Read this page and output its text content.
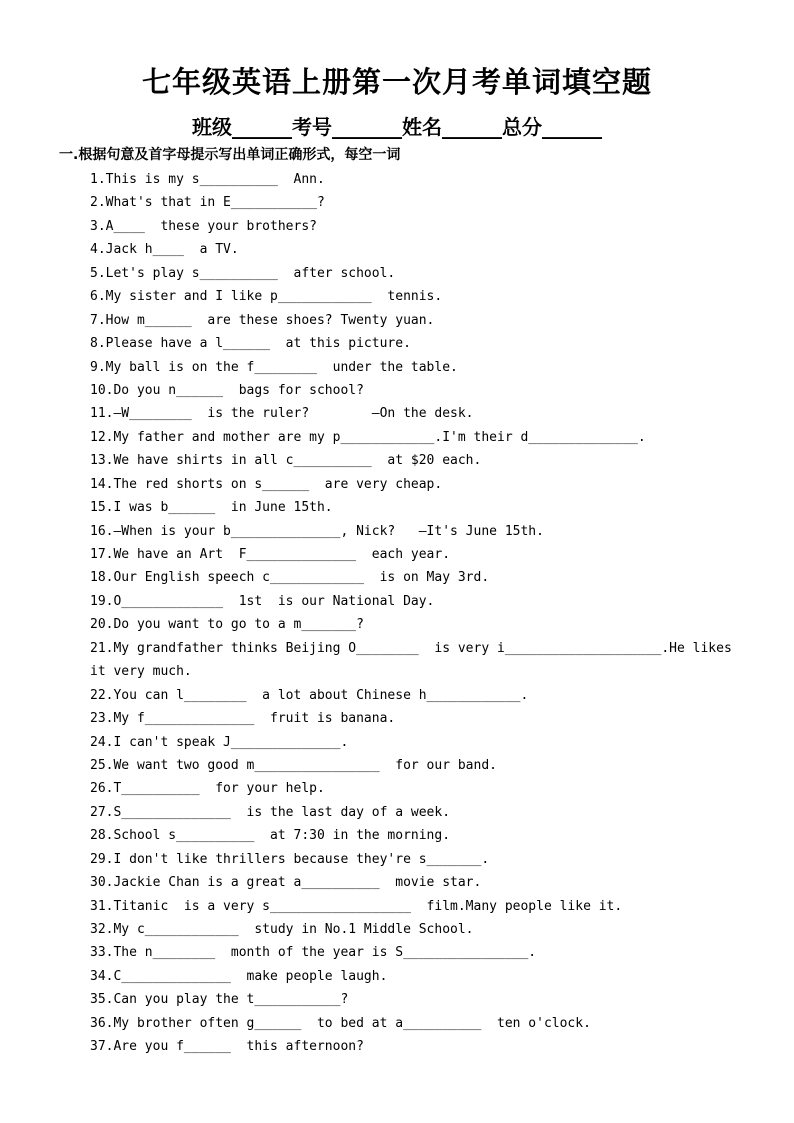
七年级英语上册第一次月考单词填空题
班级______考号_______姓名______总分______
一.根据句意及首字母提示写出单词正确形式，每空一词
1.This is my s__________  Ann.
2.What's that in E___________?
3.A____  these your brothers?
4.Jack h____  a TV.
5.Let's play s__________  after school.
6.My sister and I like p____________  tennis.
7.How m______  are these shoes? Twenty yuan.
8.Please have a l______  at this picture.
9.My ball is on the f________  under the table.
10.Do you n______  bags for school?
11.—W________  is the ruler?        —On the desk.
12.My father and mother are my p____________.I'm their d______________.
13.We have shirts in all c__________  at $20 each.
14.The red shorts on s______  are very cheap.
15.I was b______  in June 15th.
16.—When is your b______________, Nick?   —It's June 15th.
17.We have an Art  F______________  each year.
18.Our English speech c____________  is on May 3rd.
19.O_____________  1st  is our National Day.
20.Do you want to go to a m_______?
21.My grandfather thinks Beijing O________  is very i____________________.He likes
it very much.
22.You can l________  a lot about Chinese h____________.
23.My f______________  fruit is banana.
24.I can't speak J______________.
25.We want two good m________________  for our band.
26.T__________  for your help.
27.S______________  is the last day of a week.
28.School s__________  at 7:30 in the morning.
29.I don't like thrillers because they're s_______.
30.Jackie Chan is a great a__________  movie star.
31.Titanic  is a very s__________________  film.Many people like it.
32.My c____________  study in No.1 Middle School.
33.The n________  month of the year is S________________.
34.C______________  make people laugh.
35.Can you play the t___________?
36.My brother often g______  to bed at a__________  ten o'clock.
37.Are you f______  this afternoon?
